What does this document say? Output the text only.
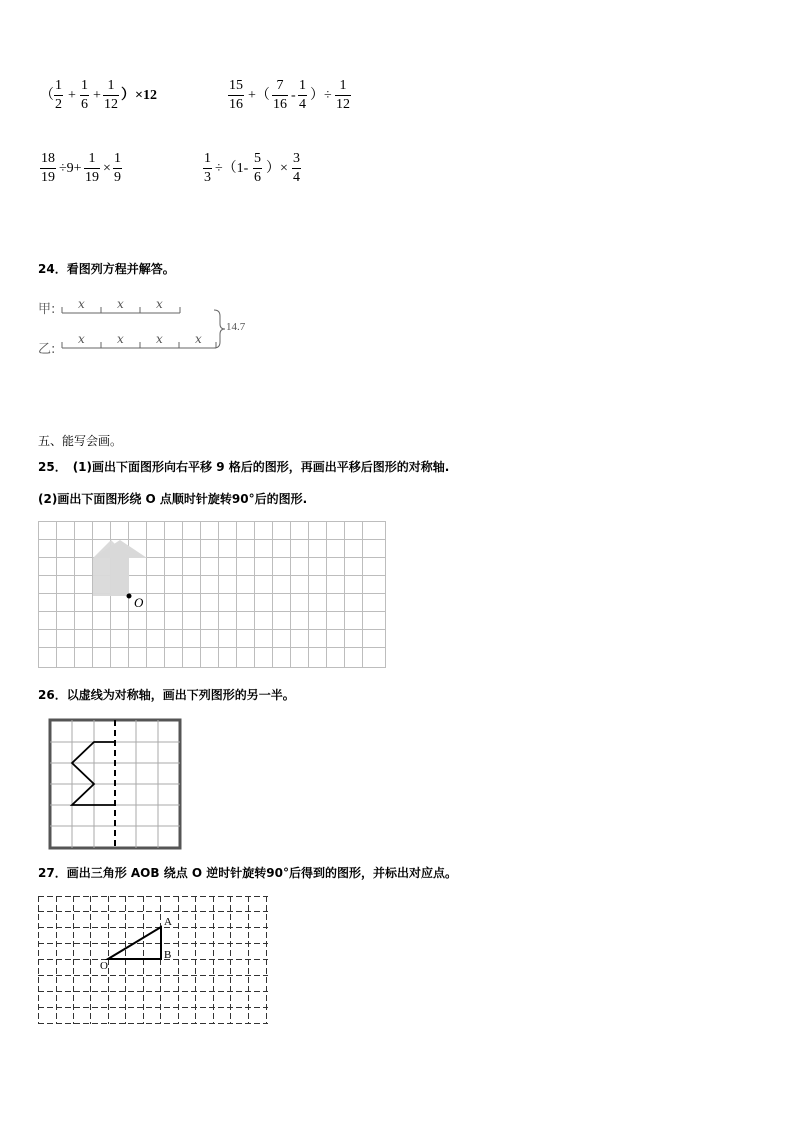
（
1
2
+
1
6
+
1
12
）×12
15
16
+（
7
16
-
1
4
）÷
1
12
18
19
÷9+
1
19
×
1
9
1
3
÷（1-
5
6
）×
3
4
24．看图列方程并解答。
甲:
乙:
x	x	x
x	x	x	x
14.7
五、能写会画。
25．　(1)画出下面图形向右平移 9 格后的图形，再画出平移后图形的对称轴.
(2)画出下面图形绕 O 点顺时针旋转90°后的图形.
O
26．以虚线为对称轴，画出下列图形的另一半。
27．画出三角形 AOB 绕点 O 逆时针旋转90°后得到的图形，并标出对应点。
A
B
O
